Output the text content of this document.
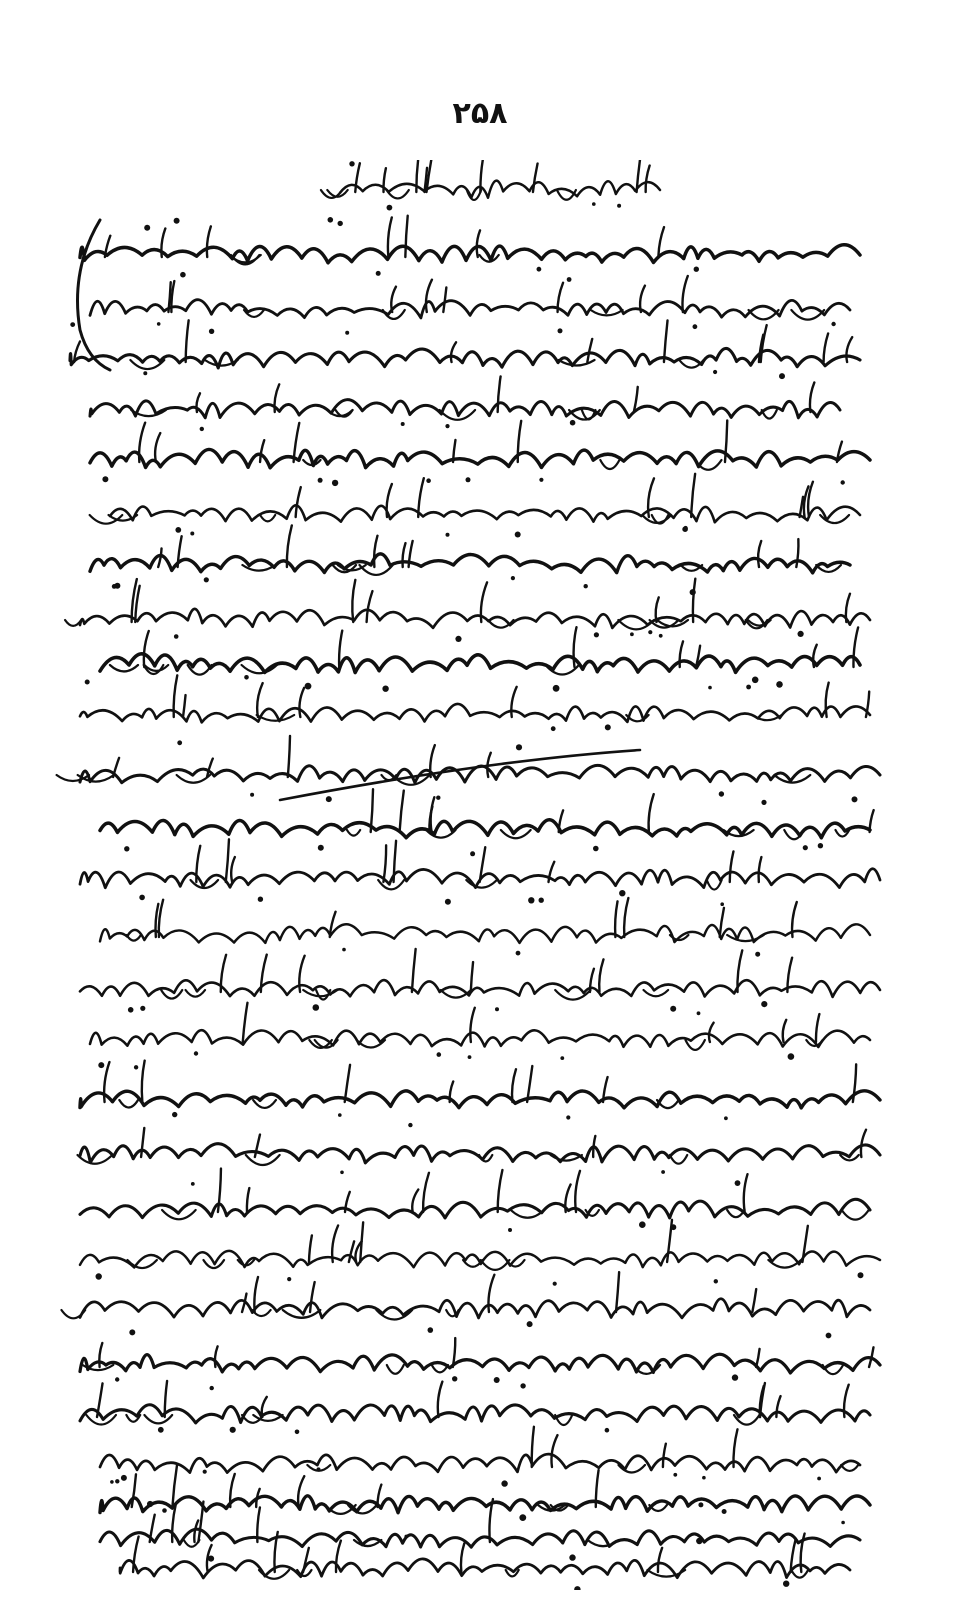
۲۵۸
